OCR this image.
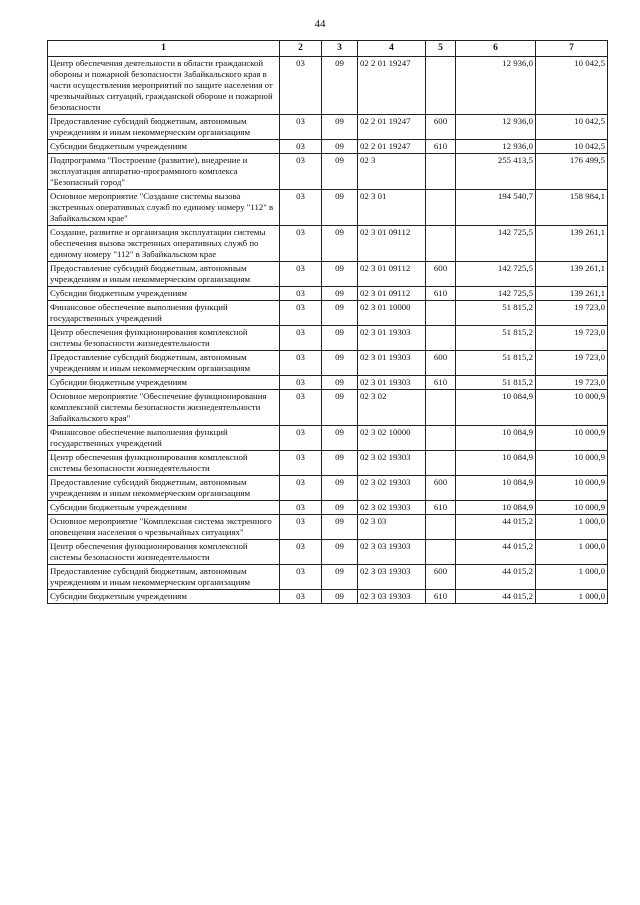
44
1	2	3	4	5	6	7
Центр обеспечения деятельности в области гражданской обороны и пожарной безопасности Забайкальского края в части осуществления мероприятий по защите населения от чрезвычайных ситуаций, гражданской обороне и пожарной безопасности	03	09	02 2 01 19247		12 936,0	10 042,5
Предоставление субсидий бюджетным, автономным учреждениям и иным некоммерческим организациям	03	09	02 2 01 19247	600	12 936,0	10 042,5
Субсидии бюджетным учреждениям	03	09	02 2 01 19247	610	12 936,0	10 042,5
Подпрограмма "Построение (развитие), внедрение и эксплуатация аппаратно-программного комплекса "Безопасный город"	03	09	02 3		255 413,5	176 499,5
Основное мероприятие "Создание системы вызова экстренных оперативных служб по единому номеру "112" в Забайкальском крае"	03	09	02 3 01		194 540,7	158 984,1
Создание, развитие и организация эксплуатации системы обеспечения вызова экстренных оперативных служб по единому номеру "112" в Забайкальском крае	03	09	02 3 01 09112		142 725,5	139 261,1
Предоставление субсидий бюджетным, автономным учреждениям и иным некоммерческим организациям	03	09	02 3 01 09112	600	142 725,5	139 261,1
Субсидии бюджетным учреждениям	03	09	02 3 01 09112	610	142 725,5	139 261,1
Финансовое обеспечение выполнения функций государственных учреждений	03	09	02 3 01 10000		51 815,2	19 723,0
Центр обеспечения функционирования комплексной системы безопасности жизнедеятельности	03	09	02 3 01 19303		51 815,2	19 723,0
Предоставление субсидий бюджетным, автономным учреждениям и иным некоммерческим организациям	03	09	02 3 01 19303	600	51 815,2	19 723,0
Субсидии бюджетным учреждениям	03	09	02 3 01 19303	610	51 815,2	19 723,0
Основное мероприятие "Обеспечение функционирования комплексной системы безопасности жизнедеятельности Забайкальского края"	03	09	02 3 02		10 084,9	10 000,9
Финансовое обеспечение выполнения функций государственных учреждений	03	09	02 3 02 10000		10 084,9	10 000,9
Центр обеспечения функционирования комплексной системы безопасности жизнедеятельности	03	09	02 3 02 19303		10 084,9	10 000,9
Предоставление субсидий бюджетным, автономным учреждениям и иным некоммерческим организациям	03	09	02 3 02 19303	600	10 084,9	10 000,9
Субсидии бюджетным учреждениям	03	09	02 3 02 19303	610	10 084,9	10 000,9
Основное мероприятие "Комплексная система экстренного оповещения населения о чрезвычайных ситуациях"	03	09	02 3 03		44 015,2	1 000,0
Центр обеспечения функционирования комплексной системы безопасности жизнедеятельности	03	09	02 3 03 19303		44 015,2	1 000,0
Предоставление субсидий бюджетным, автономным учреждениям и иным некоммерческим организациям	03	09	02 3 03 19303	600	44 015,2	1 000,0
Субсидии бюджетным учреждениям	03	09	02 3 03 19303	610	44 015,2	1 000,0
